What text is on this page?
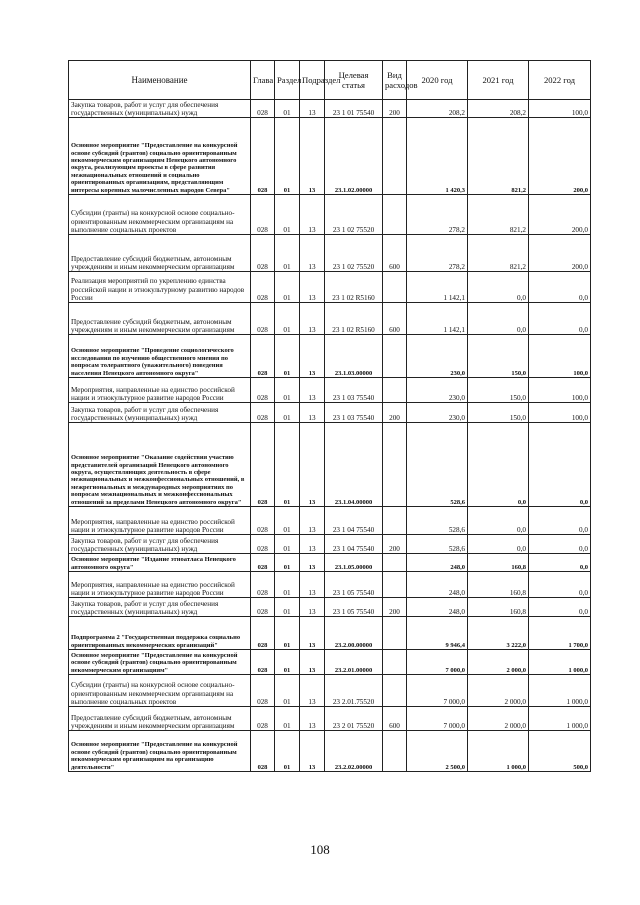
Наименование	Глава	Раздел	Подраздел	Целевая статья	Вид расходов	2020 год	2021 год	2022 год
Закупка товаров, работ и услуг для обеспечения государственных (муниципальных) нужд	028	01	13	23 1 01 75540	200	208,2	208,2	100,0
Основное мероприятие "Предоставление на конкурсной основе субсидий (грантов) социально ориентированным некоммерческим организациям Ненецкого автономного округа, реализующим проекты в сфере развития межнациональных отношений и социально ориентированных организациям, представляющим интересы коренных малочисленных народов Севера"	028	01	13	23.1.02.00000		1 420,3	821,2	200,0
Субсидии (гранты) на конкурсной основе социально-ориентированным некоммерческим организациям на выполнение социальных проектов	028	01	13	23 1 02 75520		278,2	821,2	200,0
Предоставление субсидий бюджетным, автономным учреждениям и иным некоммерческим организациям	028	01	13	23 1 02 75520	600	278,2	821,2	200,0
Реализация мероприятий по укреплению единства российской нации и этнокультурному развитию народов России	028	01	13	23 1 02 R5160		1 142,1	0,0	0,0
Предоставление субсидий бюджетным, автономным учреждениям и иным некоммерческим организациям	028	01	13	23 1 02 R5160	600	1 142,1	0,0	0,0
Основное мероприятие "Проведение социологического исследования по изучению общественного мнения по вопросам толерантного (уважительного) поведения населения Ненецкого автономного округа"	028	01	13	23.1.03.00000		230,0	150,0	100,0
Мероприятия, направленные на единство российской нации и этнокультурное развитие народов России	028	01	13	23 1 03 75540		230,0	150,0	100,0
Закупка товаров, работ и услуг для обеспечения государственных (муниципальных) нужд	028	01	13	23 1 03 75540	200	230,0	150,0	100,0
Основное мероприятие "Оказание содействия участию представителей организаций Ненецкого автономного округа, осуществляющих деятельность в сфере межнациональных и межконфессиональных отношений, в межрегиональных и международных мероприятиях по вопросам межнациональных и межконфессиональных отношений за пределами Ненецкого автономного округа"	028	01	13	23.1.04.00000		528,6	0,0	0,0
Мероприятия, направленные на единство российской нации и этнокультурное развитие народов России	028	01	13	23 1 04 75540		528,6	0,0	0,0
Закупка товаров, работ и услуг для обеспечения государственных (муниципальных) нужд	028	01	13	23 1 04 75540	200	528,6	0,0	0,0
Основное мероприятие "Издание этноатласа Ненецкого автономного округа"	028	01	13	23.1.05.00000		248,0	160,8	0,0
Мероприятия, направленные на единство российской нации и этнокультурное развитие народов России	028	01	13	23 1 05 75540		248,0	160,8	0,0
Закупка товаров, работ и услуг для обеспечения государственных (муниципальных) нужд	028	01	13	23 1 05 75540	200	248,0	160,8	0,0
Подпрограмма 2 "Государственная поддержка социально ориентированных некоммерческих организаций"	028	01	13	23.2.00.00000		9 946,4	3 222,0	1 700,0
Основное мероприятие "Предоставление на конкурсной основе субсидий (грантов) социально ориентированным некоммерческим организациям"	028	01	13	23.2.01.00000		7 000,0	2 000,0	1 000,0
Субсидии (гранты) на конкурсной основе социально-ориентированным некоммерческим организациям на выполнение социальных проектов	028	01	13	23 2.01.75520		7 000,0	2 000,0	1 000,0
Предоставление субсидий бюджетным, автономным учреждениям и иным некоммерческим организациям	028	01	13	23 2 01 75520	600	7 000,0	2 000,0	1 000,0
Основное мероприятие "Предоставление на конкурсной основе субсидий (грантов) социально ориентированным некоммерческим организациям на организацию деятельности"	028	01	13	23.2.02.00000		2 500,0	1 000,0	500,0
108
